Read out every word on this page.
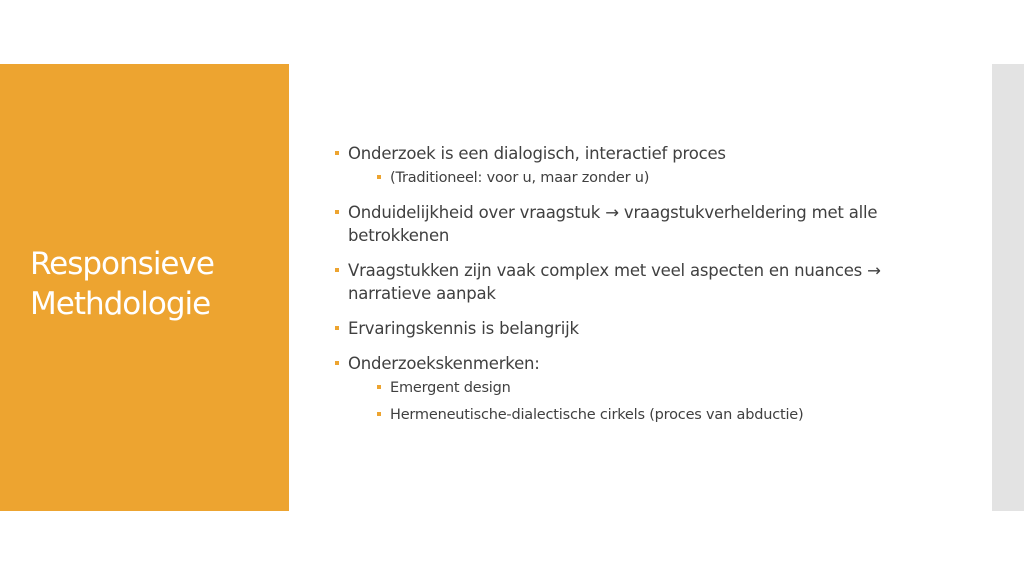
Responsieve
Methdologie
Onderzoek is een dialogisch, interactief proces
(Traditioneel: voor u, maar zonder u)
Onduidelijkheid over vraagstuk → vraagstukverheldering met alle betrokkenen
Vraagstukken zijn vaak complex met veel aspecten en nuances → narratieve aanpak
Ervaringskennis is belangrijk
Onderzoekskenmerken:
Emergent design
Hermeneutische-dialectische cirkels (proces van abductie)
